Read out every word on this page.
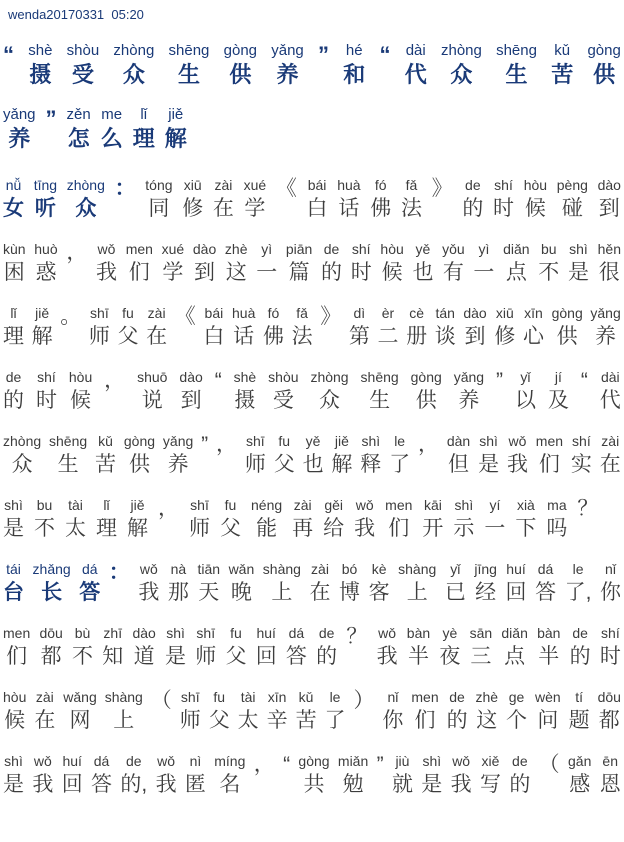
wenda20170331  05:20
“ shè
摄
shòu
受
zhòng
众
shēng
生
gòng
供
yǎng
养
” hé
和
“ dài
代
zhòng
众
shēng
生
kǔ
苦
gòng
供
yǎng
养
” zěn
怎
me
么
lǐ
理
jiě
解
nǚ
女
tīng
听
zhòng
众
： tóng
同
xiū
修
zài
在
xué
学
《 bái
白
huà
话
fó
佛
fǎ
法
》 de
的
shí
时
hòu
候
pèng
碰
dào
到
kùn
困
huò
惑
， wǒ
我
men
们
xué
学
dào
到
zhè
这
yì
一
piān
篇
de
的
shí
时
hòu
候
yě
也
yǒu
有
yì
一
diǎn
点
bu
不
shì
是
hěn
很
lǐ
理
jiě
解
。 shī
师
fu
父
zài
在
《 bái
白
huà
话
fó
佛
fǎ
法
》 dì
第
èr
二
cè
册
tán
谈
dào
到
xiū
修
xīn
心
gòng
供
yǎng
养
de
的
shí
时
hòu
候
， shuō
说
dào
到
“ shè
摄
shòu
受
zhòng
众
shēng
生
gòng
供
yǎng
养
” yǐ
以
jí
及
“ dài
代
zhòng
众
shēng
生
kǔ
苦
gòng
供
yǎng
养
” ， shī
师
fu
父
yě
也
jiě
解
shì
释
le
了
， dàn
但
shì
是
wǒ
我
men
们
shí
实
zài
在
shì
是
bu
不
tài
太
lǐ
理
jiě
解
， shī
师
fu
父
néng
能
zài
再
gěi
给
wǒ
我
men
们
kāi
开
shì
示
yí
一
xià
下
ma
吗
？
tái
台
zhǎng
长
dá
答
： wǒ
我
nà
那
tiān
天
wǎn
晚
shàng
上
zài
在
bó
博
kè
客
shàng
上
yǐ
已
jīng
经
huí
回
dá
答
le
了,
nǐ
你
men
们
dōu
都
bù
不
zhī
知
dào
道
shì
是
shī
师
fu
父
huí
回
dá
答
de
的
？ wǒ
我
bàn
半
yè
夜
sān
三
diǎn
点
bàn
半
de
的
shí
时
hòu
候
zài
在
wǎng
网
shàng
上
（ shī
师
fu
父
tài
太
xīn
辛
kǔ
苦
le
了
） nǐ
你
men
们
de
的
zhè
这
ge
个
wèn
问
tí
题
dōu
都
shì
是
wǒ
我
huí
回
dá
答
de
的,
wǒ
我
nì
匿
míng
名
， “ gòng
共
miǎn
勉
” jiù
就
shì
是
wǒ
我
xiě
写
de
的
（ gǎn
感
ēn
恩
